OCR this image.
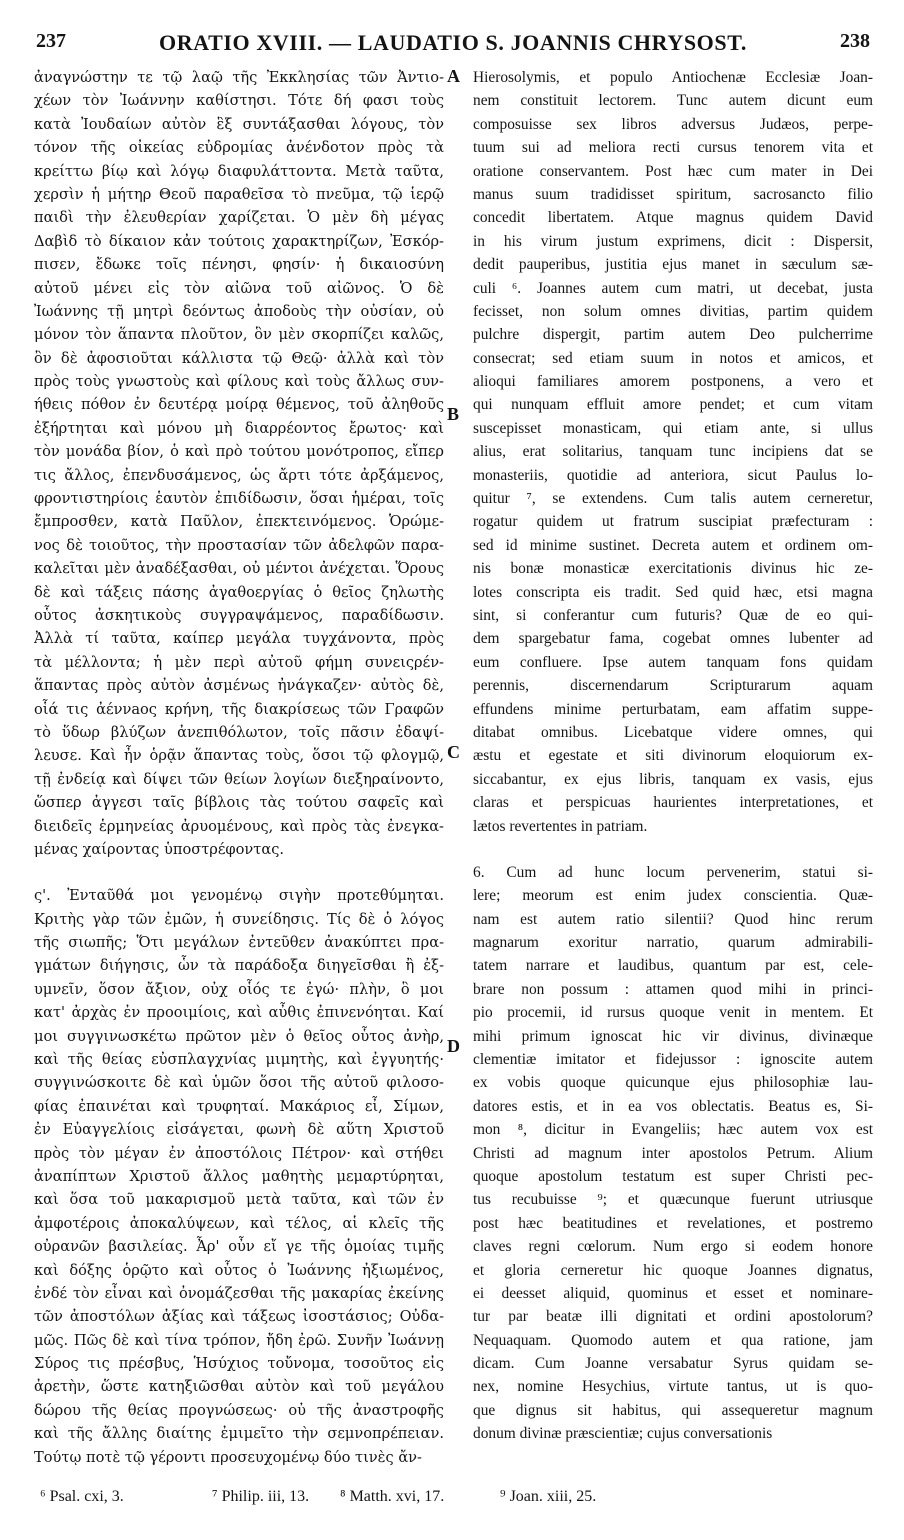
237	ORATIO XVIII. — LAUDATIO S. JOANNIS CHRYSOST.	238
ἀναγνώστην τε τῷ λαῷ τῆς Ἐκκλησίας τῶν Ἀντιο-
χέων τὸν Ἰωάννην καθίστησι. Τότε δή φασι τοὺς
κατὰ Ἰουδαίων αὐτὸν ἓξ συντάξασθαι λόγους, τὸν
τόνον τῆς οἰκείας εὐδρομίας ἀνένδοτον πρὸς τὰ
κρείττω βίῳ καὶ λόγῳ διαφυλάττοντα. Μετὰ ταῦτα,
χερσὶν ἡ μήτηρ Θεοῦ παραθεῖσα τὸ πνεῦμα, τῷ ἱερῷ
παιδὶ τὴν ἐλευθερίαν χαρίζεται. Ὁ μὲν δὴ μέγας
Δαβὶδ τὸ δίκαιον κἀν τούτοις χαρακτηρίζων, Ἐσκόρ-
πισεν, ἔδωκε τοῖς πένησι, φησίν· ἡ δικαιοσύνη
αὐτοῦ μένει εἰς τὸν αἰῶνα τοῦ αἰῶνος. Ὁ δὲ
Ἰωάννης τῇ μητρὶ δεόντως ἀποδοὺς τὴν οὐσίαν, οὐ
μόνον τὸν ἅπαντα πλοῦτον, ὃν μὲν σκορπίζει καλῶς,
ὃν δὲ ἀφοσιοῦται κάλλιστα τῷ Θεῷ· ἀλλὰ καὶ τὸν
πρὸς τοὺς γνωστοὺς καὶ φίλους καὶ τοὺς ἄλλως συν-
ήθεις πόθον ἐν δευτέρᾳ μοίρᾳ θέμενος, τοῦ ἀληθοῦς
ἐξήρτηται καὶ μόνου μὴ διαρρέοντος ἔρωτος· καὶ
τὸν μονάδα βίον, ὁ καὶ πρὸ τούτου μονότροπος, εἴπερ
τις ἄλλος, ἐπενδυσάμενος, ὡς ἄρτι τότε ἀρξάμενος,
φροντιστηρίοις ἑαυτὸν ἐπιδίδωσιν, ὅσαι ἡμέραι, τοῖς
ἔμπροσθεν, κατὰ Παῦλον, ἐπεκτεινόμενος. Ὁρώμε-
νος δὲ τοιοῦτος, τὴν προστασίαν τῶν ἀδελφῶν παρα-
καλεῖται μὲν ἀναδέξασθαι, οὐ μέντοι ἀνέχεται. Ὅρους
δὲ καὶ τάξεις πάσης ἀγαθοεργίας ὁ θεῖος ζηλωτὴς
οὗτος ἀσκητικοὺς συγγραψάμενος, παραδίδωσιν.
Ἀλλὰ τί ταῦτα, καίπερ μεγάλα τυγχάνοντα, πρὸς
τὰ μέλλοντα; ἡ μὲν περὶ αὐτοῦ φήμη συνειςρέν-
ἅπαντας πρὸς αὐτὸν ἀσμένως ἠνάγκαζεν· αὐτὸς δὲ,
οἷά τις ἀέννaος κρήνη, τῆς διακρίσεως τῶν Γραφῶν
τὸ ὕδωρ βλύζων ἀνεπιθόλωτον, τοῖς πᾶσιν ἐδαψί-
λευσε. Καὶ ἦν ὁρᾷν ἅπαντας τοὺς, ὅσοι τῷ φλογμῷ,
τῇ ἐνδείᾳ καὶ δίψει τῶν θείων λογίων διεξηραίνοντο,
ὥσπερ ἀγγεσι ταῖς βίβλοις τὰς τούτου σαφεῖς καὶ
διειδεῖς ἑρμηνείας ἀρυομένους, καὶ πρὸς τὰς ἐνεγκα-
μένας χαίροντας ὑποστρέφοντας.
ς'. Ἐνταῦθά μοι γενομένῳ σιγὴν προτεθύμηται.
Κριτὴς γὰρ τῶν ἐμῶν, ἡ συνείδησις. Τίς δὲ ὁ λόγος
τῆς σιωπῆς; Ὅτι μεγάλων ἐντεῦθεν ἀνακύπτει πρα-
γμάτων διήγησις, ὧν τὰ παράδοξα διηγεῖσθαι ἢ ἐξ-
υμνεῖν, ὅσον ἄξιον, οὐχ οἷός τε ἐγώ· πλὴν, ὃ μοι
κατ' ἀρχὰς ἐν προοιμίοις, καὶ αὖθις ἐπινενόηται. Καί
μοι συγγινωσκέτω πρῶτον μὲν ὁ θεῖος οὗτος ἀνὴρ,
καὶ τῆς θείας εὐσπλαγχνίας μιμητὴς, καὶ ἐγγυητής·
συγγινώσκοιτε δὲ καὶ ὑμῶν ὅσοι τῆς αὐτοῦ φιλοσο-
φίας ἐπαινέται καὶ τρυφηταί. Μακάριος εἶ, Σίμων,
ἐν Εὐαγγελίοις εἰσάγεται, φωνὴ δὲ αὕτη Χριστοῦ
πρὸς τὸν μέγαν ἐν ἀποστόλοις Πέτρον· καὶ στήθει
ἀναπίπτων Χριστοῦ ἄλλος μαθητὴς μεμαρτύρηται,
καὶ ὅσα τοῦ μακαρισμοῦ μετὰ ταῦτα, καὶ τῶν ἐν
ἀμφοτέροις ἀποκαλύψεων, καὶ τέλος, αἱ κλεῖς τῆς
οὐρανῶν βασιλείας. Ἆρ' οὖν εἴ γε τῆς ὁμοίας τιμῆς
καὶ δόξης ὁρῷτο καὶ οὗτος ὁ Ἰωάννης ἠξιωμένος,
ἐνδέ τὸν εἶναι καὶ ὀνομάζεσθαι τῆς μακαρίας ἐκείνης
τῶν ἀποστόλων ἀξίας καὶ τάξεως ἰσοστάσιος; Οὐδα-
μῶς. Πῶς δὲ καὶ τίνα τρόπον, ἤδη ἐρῶ. Συνῆν Ἰωάννῃ
Σύρος τις πρέσβυς, Ἡσύχιος τοὔνομα, τοσοῦτος εἰς
ἀρετὴν, ὥστε κατηξιῶσθαι αὐτὸν καὶ τοῦ μεγάλου
δώρου τῆς θείας προγνώσεως· οὐ τῆς ἀναστροφῆς
καὶ τῆς ἄλλης διαίτης ἐμιμεῖτο τὴν σεμνοπρέπειαν.
Τούτῳ ποτὲ τῷ γέροντι προσευχομένῳ δύο τινὲς ἄν-
Hierosolymis, et populo Antiochenæ Ecclesiæ Joan-
nem constituit lectorem. Tunc autem dicunt eum
composuisse sex libros adversus Judæos, perpe-
tuum sui ad meliora recti cursus tenorem vita et
oratione conservantem. Post hæc cum mater in Dei
manus suum tradidisset spiritum, sacrosancto filio
concedit libertatem. Atque magnus quidem David
in his virum justum exprimens, dicit : Dispersit,
dedit pauperibus, justitia ejus manet in sæculum sæ-
culi ⁶. Joannes autem cum matri, ut decebat, justa
fecisset, non solum omnes divitias, partim quidem
pulchre dispergit, partim autem Deo pulcherrime
consecrat; sed etiam suum in notos et amicos, et
alioqui familiares amorem postponens, a vero et
qui nunquam effluit amore pendet; et cum vitam
suscepisset monasticam, qui etiam ante, si ullus
alius, erat solitarius, tanquam tunc incipiens dat se
monasteriis, quotidie ad anteriora, sicut Paulus lo-
quitur ⁷, se extendens. Cum talis autem cerneretur,
rogatur quidem ut fratrum suscipiat præfecturam :
sed id minime sustinet. Decreta autem et ordinem om-
nis bonæ monasticæ exercitationis divinus hic ze-
lotes conscripta eis tradit. Sed quid hæc, etsi magna
sint, si conferantur cum futuris? Quæ de eo qui-
dem spargebatur fama, cogebat omnes lubenter ad
eum confluere. Ipse autem tanquam fons quidam
perennis, discernendarum Scripturarum aquam
effundens minime perturbatam, eam affatim suppe-
ditabat omnibus. Licebatque videre omnes, qui
æstu et egestate et siti divinorum eloquiorum ex-
siccabantur, ex ejus libris, tanquam ex vasis, ejus
claras et perspicuas haurientes interpretationes, et
lætos revertentes in patriam.
6. Cum ad hunc locum pervenerim, statui si-
lere; meorum est enim judex conscientia. Quæ-
nam est autem ratio silentii? Quod hinc rerum
magnarum exoritur narratio, quarum admirabili-
tatem narrare et laudibus, quantum par est, cele-
brare non possum : attamen quod mihi in princi-
pio procemii, id rursus quoque venit in mentem. Et
mihi primum ignoscat hic vir divinus, divinæque
clementiæ imitator et fidejussor : ignoscite autem
ex vobis quoque quicunque ejus philosophiæ lau-
datores estis, et in ea vos oblectatis. Beatus es, Si-
mon ⁸, dicitur in Evangeliis; hæc autem vox est
Christi ad magnum inter apostolos Petrum. Alium
quoque apostolum testatum est super Christi pec-
tus recubuisse ⁹; et quæcunque fuerunt utriusque
post hæc beatitudines et revelationes, et postremo
claves regni cœlorum. Num ergo si eodem honore
et gloria cerneretur hic quoque Joannes dignatus,
ei deesset aliquid, quominus et esset et nominare-
tur par beatæ illi dignitati et ordini apostolorum?
Nequaquam. Quomodo autem et qua ratione, jam
dicam. Cum Joanne versabatur Syrus quidam se-
nex, nomine Hesychius, virtute tantus, ut is quo-
que dignus sit habitus, qui assequeretur magnum
donum divinæ præscientiæ; cujus conversationis
A
B
C
D
⁶ Psal. cxi, 3.	⁷ Philip. iii, 13. ⁸ Matth. xvi, 17.	⁹ Joan. xiii, 25.
